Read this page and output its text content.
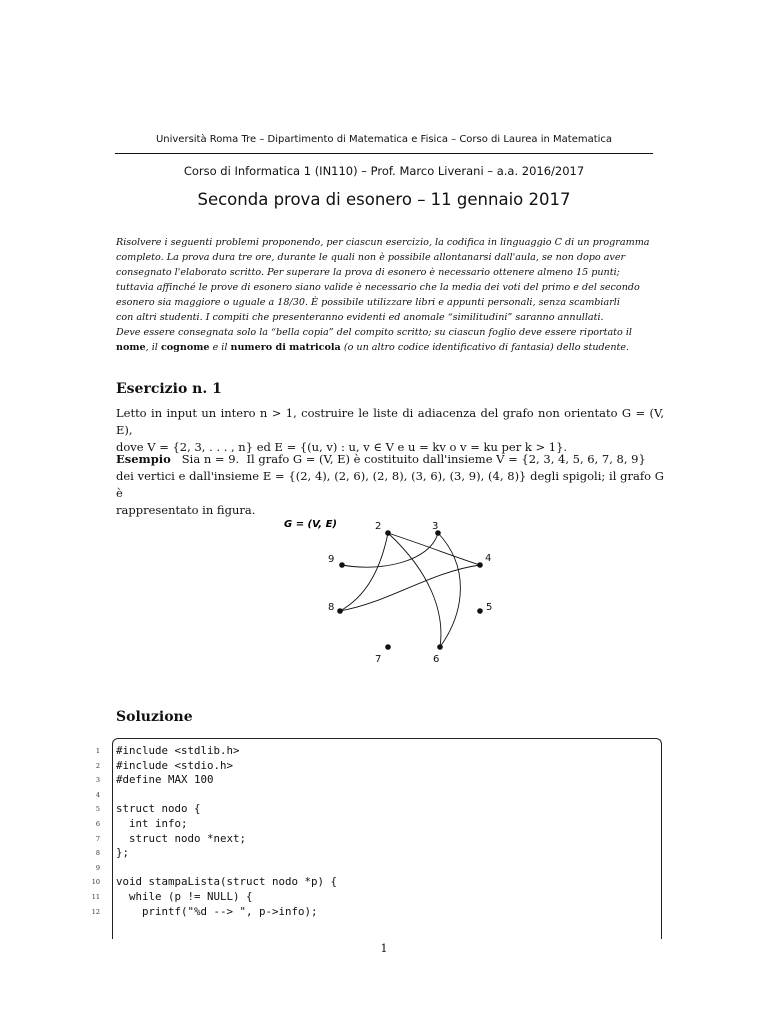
Università Roma Tre – Dipartimento di Matematica e Fisica – Corso di Laurea in Matematica
Corso di Informatica 1 (IN110) – Prof. Marco Liverani – a.a. 2016/2017
Seconda prova di esonero – 11 gennaio 2017
Risolvere i seguenti problemi proponendo, per ciascun esercizio, la codifica in linguaggio C di un programma
completo. La prova dura tre ore, durante le quali non è possibile allontanarsi dall'aula, se non dopo aver
consegnato l'elaborato scritto. Per superare la prova di esonero è necessario ottenere almeno 15 punti;
tuttavia affinché le prove di esonero siano valide è necessario che la media dei voti del primo e del secondo
esonero sia maggiore o uguale a 18/30. È possibile utilizzare libri e appunti personali, senza scambiarli
con altri studenti. I compiti che presenteranno evidenti ed anomale “similitudini” saranno annullati.
Deve essere consegnata solo la “bella copia” del compito scritto; su ciascun foglio deve essere riportato il
nome, il cognome e il numero di matricola (o un altro codice identificativo di fantasia) dello studente.
Esercizio n. 1
Letto in input un intero n > 1, costruire le liste di adiacenza del grafo non orientato G = (V, E),
dove V = {2, 3, . . . , n} ed E = {(u, v) : u, v ∈ V e u = kv o v = ku per k > 1}.
Esempio   Sia n = 9.  Il grafo G = (V, E) è costituito dall'insieme V = {2, 3, 4, 5, 6, 7, 8, 9}
dei vertici e dall'insieme E = {(2, 4), (2, 6), (2, 8), (3, 6), (3, 9), (4, 8)} degli spigoli; il grafo G è
rappresentato in figura.
G = (V, E)	2	3
4
5
6
7
8
9
Soluzione
1 #include <stdlib.h>
2 #include <stdio.h>
3 #define MAX 100
4
5 struct nodo {
6 int info;
7 struct nodo *next;
8 };
9
10 void stampaLista(struct nodo *p) {
11 while (p != NULL) {
12 printf("%d --> ", p->info);
1
